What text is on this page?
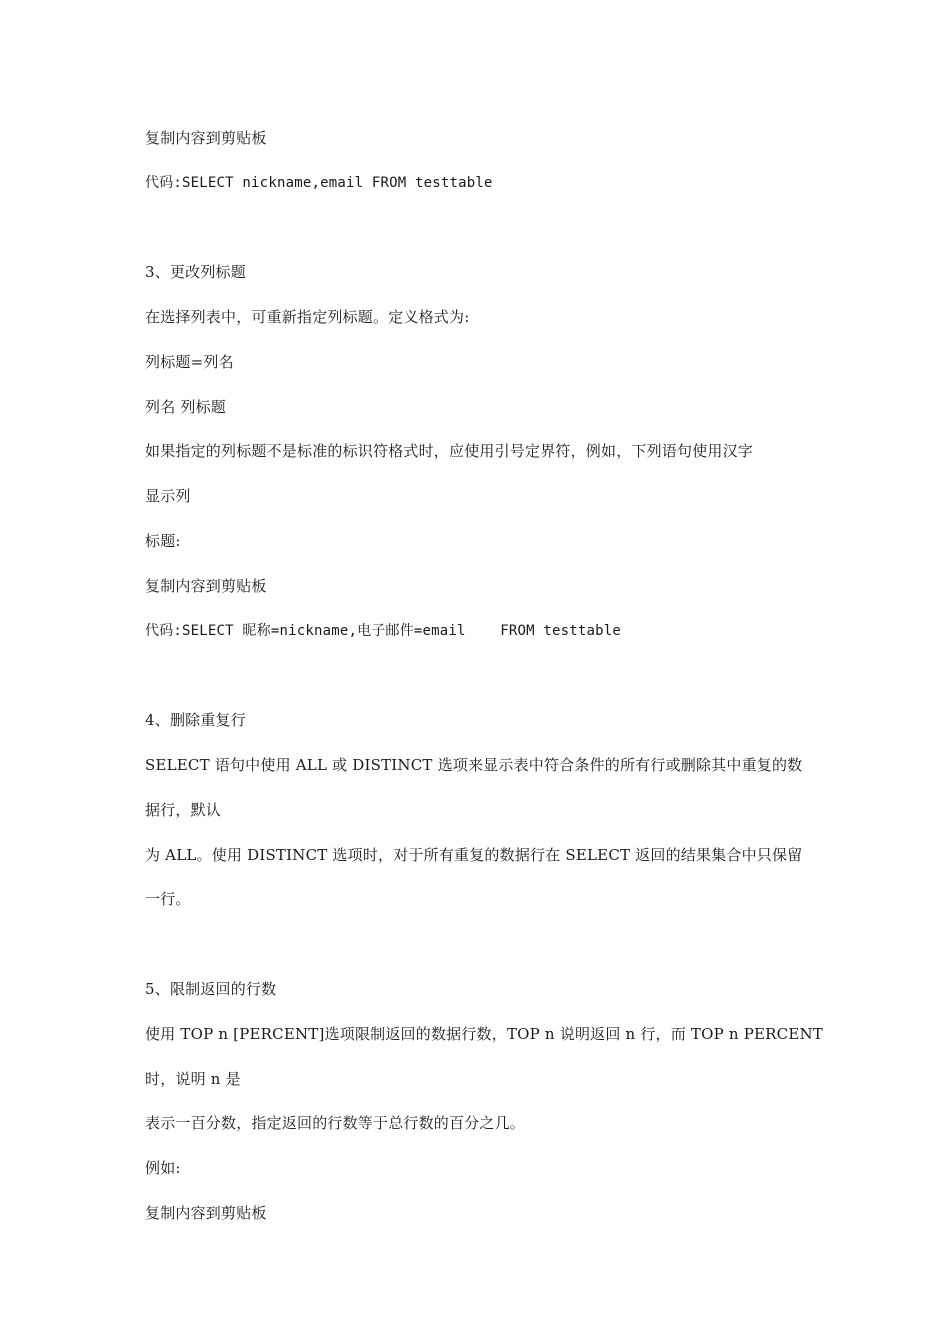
复制内容到剪贴板
代码:SELECT nickname,email FROM testtable
3、更改列标题
在选择列表中，可重新指定列标题。定义格式为:
列标题=列名
列名 列标题
如果指定的列标题不是标准的标识符格式时，应使用引号定界符，例如，下列语句使用汉字
显示列
标题:
复制内容到剪贴板
代码:SELECT 昵称=nickname,电子邮件=email    FROM testtable
4、删除重复行
SELECT 语句中使用 ALL 或 DISTINCT 选项来显示表中符合条件的所有行或删除其中重复的数
据行，默认
为 ALL。使用 DISTINCT 选项时，对于所有重复的数据行在 SELECT 返回的结果集合中只保留
一行。
5、限制返回的行数
使用 TOP n [PERCENT]选项限制返回的数据行数，TOP n 说明返回 n 行，而 TOP n PERCENT
时，说明 n 是
表示一百分数，指定返回的行数等于总行数的百分之几。
例如:
复制内容到剪贴板
